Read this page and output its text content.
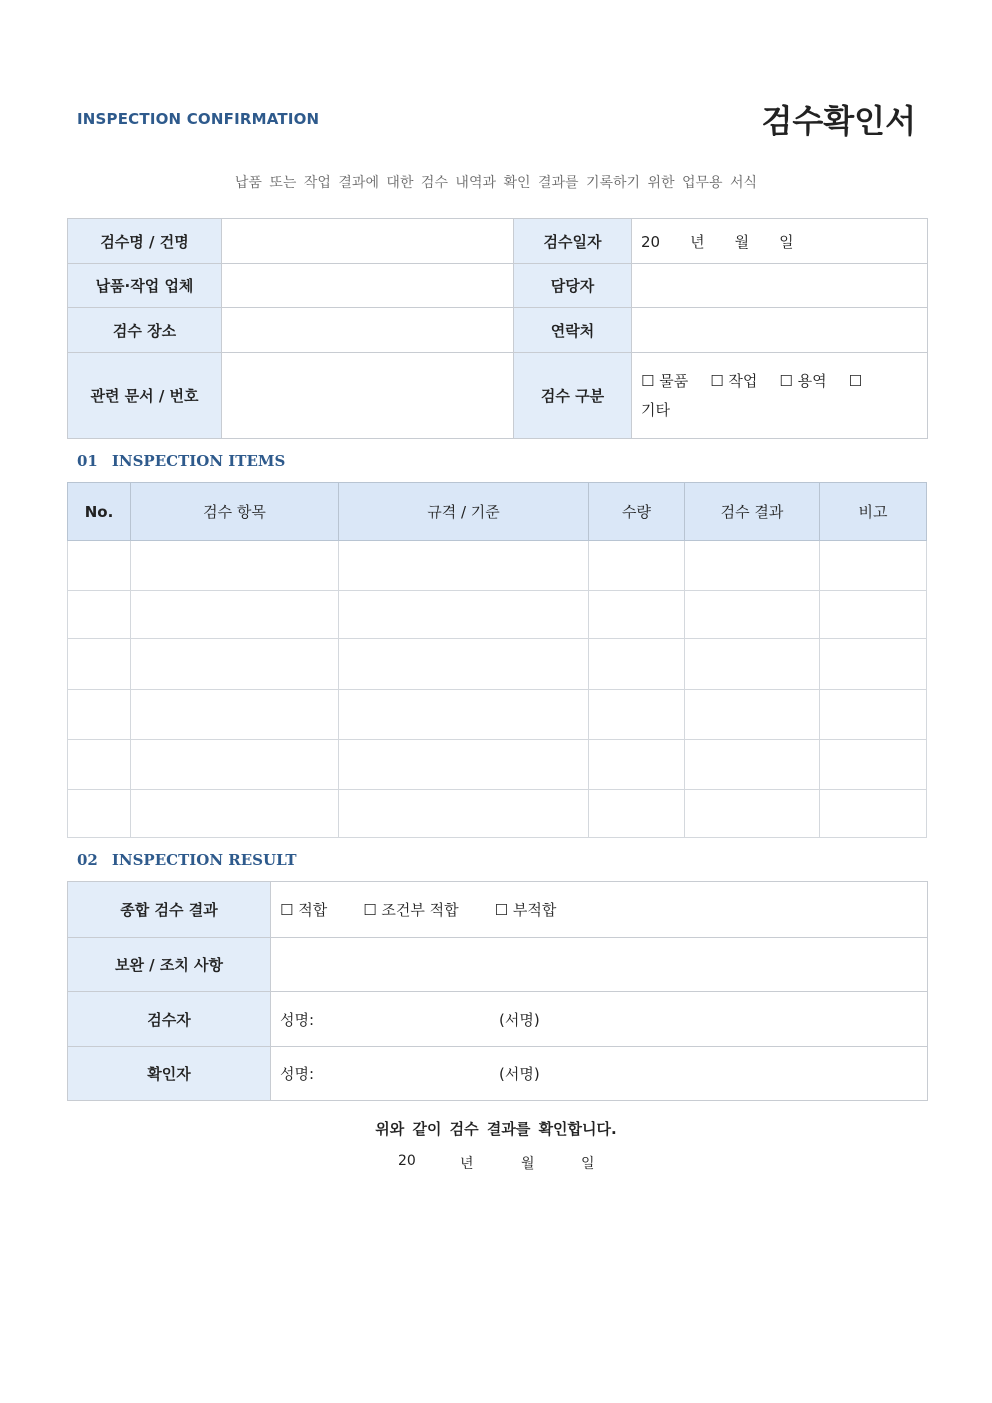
INSPECTION CONFIRMATION	검수확인서
납품 또는 작업 결과에 대한 검수 내역과 확인 결과를 기록하기 위한 업무용 서식
검수명 / 건명		검수일자	20　　년　　월　　일
납품·작업 업체		담당자	
검수 장소		연락처	
관련 문서 / 번호		검수 구분	☐ 물품 ☐ 작업 ☐ 용역 ☐
기타
01 INSPECTION ITEMS
No.	검수 항목	규격 / 기준	수량	검수 결과	비고

02 INSPECTION RESULT
종합 검수 결과	☐ 적합 ☐ 조건부 적합 ☐ 부적합
보완 / 조치 사항	
검수자	성명: (서명)
확인자	성명: (서명)
위와 같이 검수 결과를 확인합니다.
20	년	월	일
